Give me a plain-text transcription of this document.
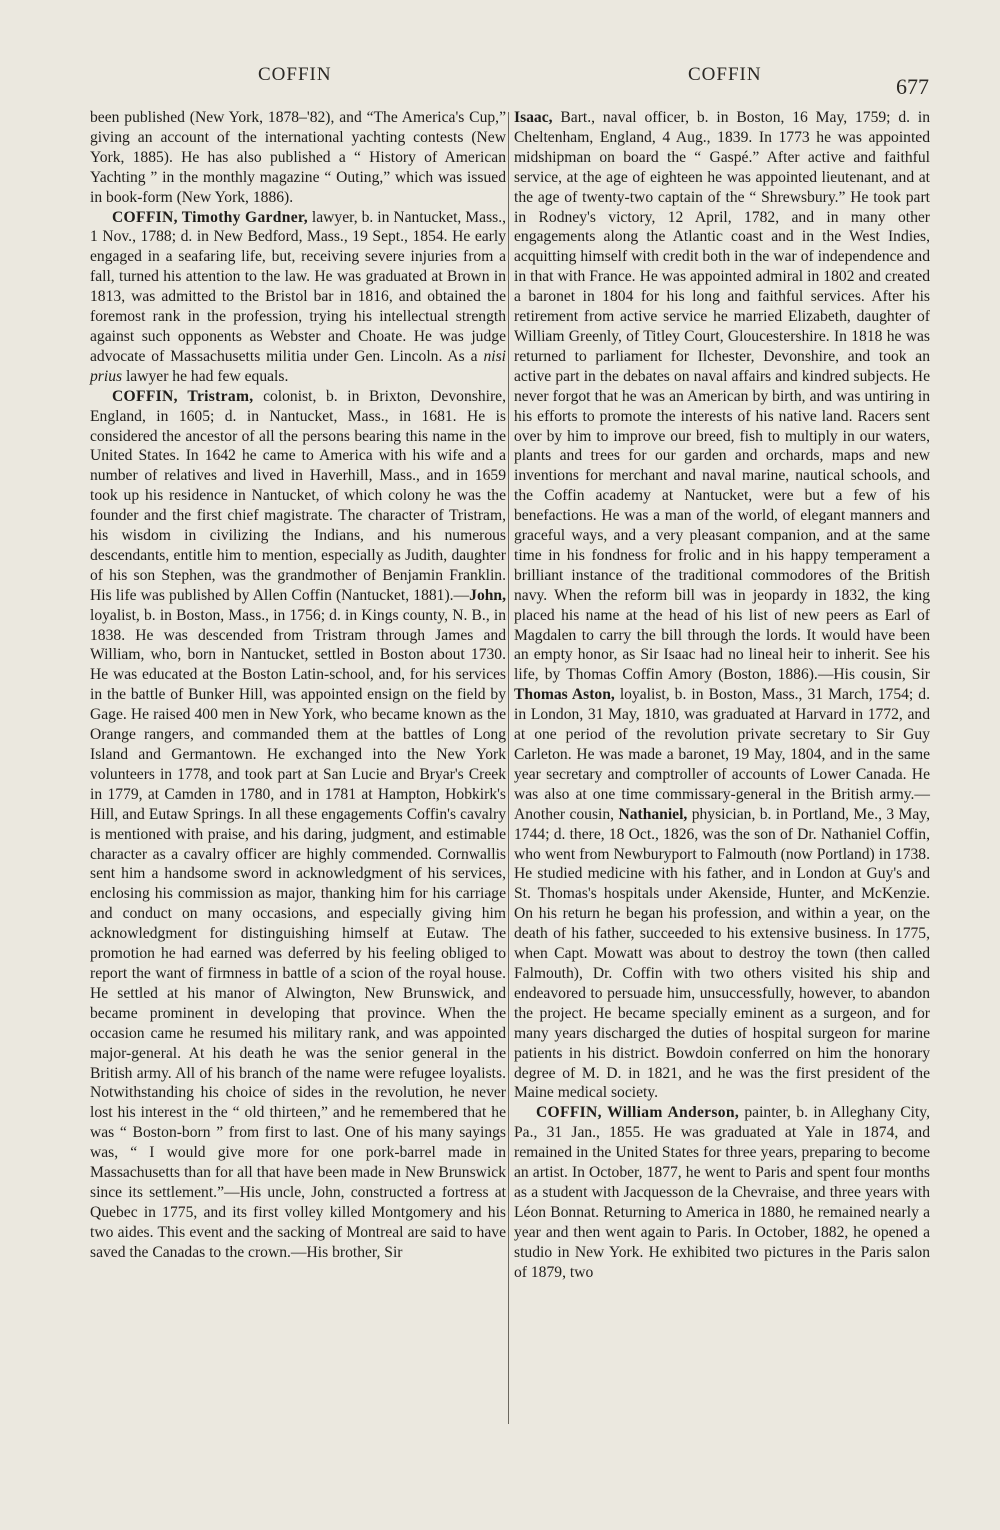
COFFIN	COFFIN	677

been published (New York, 1878–'82), and “The America's Cup,” giving an account of the international yachting contests (New York, 1885). He has also published a “ History of American Yachting ” in the monthly magazine “ Outing,” which was issued in book-form (New York, 1886).

COFFIN, Timothy Gardner, lawyer, b. in Nantucket, Mass., 1 Nov., 1788; d. in New Bedford, Mass., 19 Sept., 1854. He early engaged in a seafaring life, but, receiving severe injuries from a fall, turned his attention to the law. He was graduated at Brown in 1813, was admitted to the Bristol bar in 1816, and obtained the foremost rank in the profession, trying his intellectual strength against such opponents as Webster and Choate. He was judge advocate of Massachusetts militia under Gen. Lincoln. As a nisi prius lawyer he had few equals.

COFFIN, Tristram, colonist, b. in Brixton, Devonshire, England, in 1605; d. in Nantucket, Mass., in 1681. He is considered the ancestor of all the persons bearing this name in the United States. In 1642 he came to America with his wife and a number of relatives and lived in Haverhill, Mass., and in 1659 took up his residence in Nantucket, of which colony he was the founder and the first chief magistrate. The character of Tristram, his wisdom in civilizing the Indians, and his numerous descendants, entitle him to mention, especially as Judith, daughter of his son Stephen, was the grandmother of Benjamin Franklin. His life was published by Allen Coffin (Nantucket, 1881).—John, loyalist, b. in Boston, Mass., in 1756; d. in Kings county, N. B., in 1838. He was descended from Tristram through James and William, who, born in Nantucket, settled in Boston about 1730. He was educated at the Boston Latin-school, and, for his services in the battle of Bunker Hill, was appointed ensign on the field by Gage. He raised 400 men in New York, who became known as the Orange rangers, and commanded them at the battles of Long Island and Germantown. He exchanged into the New York volunteers in 1778, and took part at San Lucie and Bryar's Creek in 1779, at Camden in 1780, and in 1781 at Hampton, Hobkirk's Hill, and Eutaw Springs. In all these engagements Coffin's cavalry is mentioned with praise, and his daring, judgment, and estimable character as a cavalry officer are highly commended. Cornwallis sent him a handsome sword in acknowledgment of his services, enclosing his commission as major, thanking him for his carriage and conduct on many occasions, and especially giving him acknowledgment for distinguishing himself at Eutaw. The promotion he had earned was deferred by his feeling obliged to report the want of firmness in battle of a scion of the royal house. He settled at his manor of Alwington, New Brunswick, and became prominent in developing that province. When the occasion came he resumed his military rank, and was appointed major-general. At his death he was the senior general in the British army. All of his branch of the name were refugee loyalists. Notwithstanding his choice of sides in the revolution, he never lost his interest in the “ old thirteen,” and he remembered that he was “ Boston-born ” from first to last. One of his many sayings was, “ I would give more for one pork-barrel made in Massachusetts than for all that have been made in New Brunswick since its settlement.”—His uncle, John, constructed a fortress at Quebec in 1775, and its first volley killed Montgomery and his two aides. This event and the sacking of Montreal are said to have saved the Canadas to the crown.—His brother, Sir

Isaac, Bart., naval officer, b. in Boston, 16 May, 1759; d. in Cheltenham, England, 4 Aug., 1839. In 1773 he was appointed midshipman on board the “ Gaspé.” After active and faithful service, at the age of eighteen he was appointed lieutenant, and at the age of twenty-two captain of the “ Shrewsbury.” He took part in Rodney's victory, 12 April, 1782, and in many other engagements along the Atlantic coast and in the West Indies, acquitting himself with credit both in the war of independence and in that with France. He was appointed admiral in 1802 and created a baronet in 1804 for his long and faithful services. After his retirement from active service he married Elizabeth, daughter of William Greenly, of Titley Court, Gloucestershire. In 1818 he was returned to parliament for Ilchester, Devonshire, and took an active part in the debates on naval affairs and kindred subjects. He never forgot that he was an American by birth, and was untiring in his efforts to promote the interests of his native land. Racers sent over by him to improve our breed, fish to multiply in our waters, plants and trees for our garden and orchards, maps and new inventions for merchant and naval marine, nautical schools, and the Coffin academy at Nantucket, were but a few of his benefactions. He was a man of the world, of elegant manners and graceful ways, and a very pleasant companion, and at the same time in his fondness for frolic and in his happy temperament a brilliant instance of the traditional commodores of the British navy. When the reform bill was in jeopardy in 1832, the king placed his name at the head of his list of new peers as Earl of Magdalen to carry the bill through the lords. It would have been an empty honor, as Sir Isaac had no lineal heir to inherit. See his life, by Thomas Coffin Amory (Boston, 1886).—His cousin, Sir Thomas Aston, loyalist, b. in Boston, Mass., 31 March, 1754; d. in London, 31 May, 1810, was graduated at Harvard in 1772, and at one period of the revolution private secretary to Sir Guy Carleton. He was made a baronet, 19 May, 1804, and in the same year secretary and comptroller of accounts of Lower Canada. He was also at one time commissary-general in the British army.—Another cousin, Nathaniel, physician, b. in Portland, Me., 3 May, 1744; d. there, 18 Oct., 1826, was the son of Dr. Nathaniel Coffin, who went from Newburyport to Falmouth (now Portland) in 1738. He studied medicine with his father, and in London at Guy's and St. Thomas's hospitals under Akenside, Hunter, and McKenzie. On his return he began his profession, and within a year, on the death of his father, succeeded to his extensive business. In 1775, when Capt. Mowatt was about to destroy the town (then called Falmouth), Dr. Coffin with two others visited his ship and endeavored to persuade him, unsuccessfully, however, to abandon the project. He became specially eminent as a surgeon, and for many years discharged the duties of hospital surgeon for marine patients in his district. Bowdoin conferred on him the honorary degree of M. D. in 1821, and he was the first president of the Maine medical society.

COFFIN, William Anderson, painter, b. in Alleghany City, Pa., 31 Jan., 1855. He was graduated at Yale in 1874, and remained in the United States for three years, preparing to become an artist. In October, 1877, he went to Paris and spent four months as a student with Jacquesson de la Chevraise, and three years with Léon Bonnat. Returning to America in 1880, he remained nearly a year and then went again to Paris. In October, 1882, he opened a studio in New York. He exhibited two pictures in the Paris salon of 1879, two
